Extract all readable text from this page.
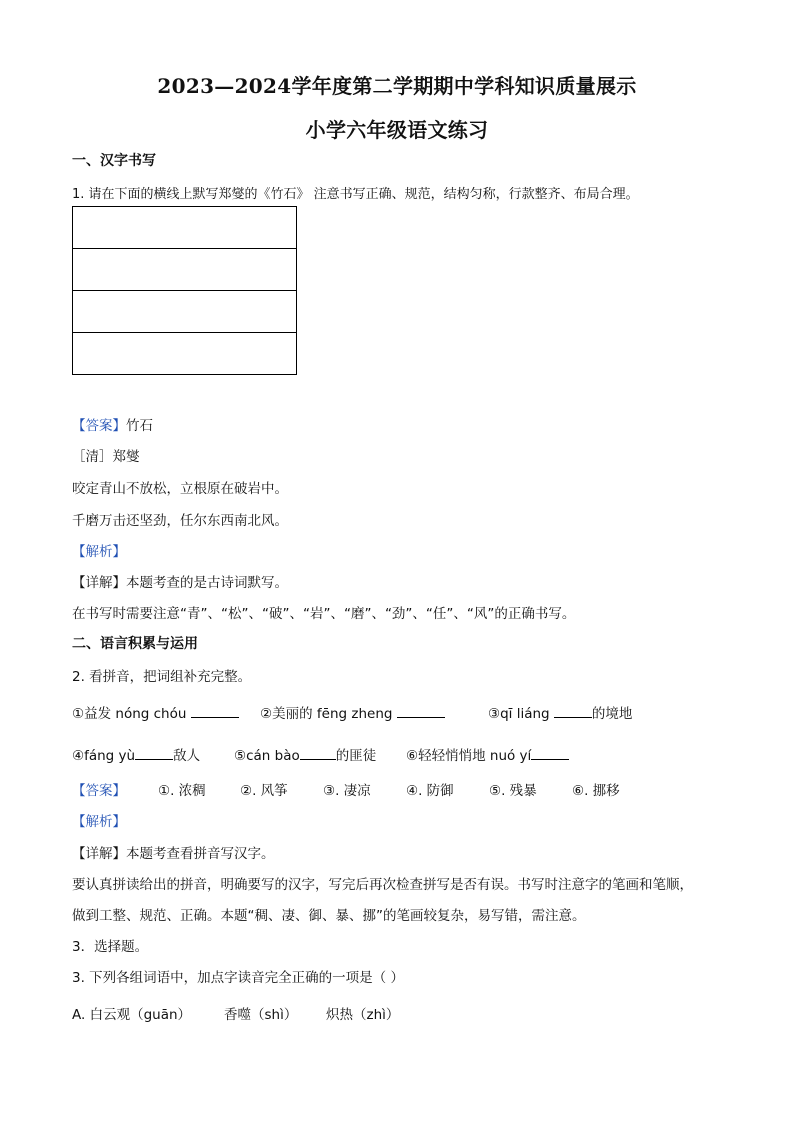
2023—2024学年度第二学期期中学科知识质量展示
小学六年级语文练习
一、汉字书写
1. 请在下面的横线上默写郑燮的《竹石》 注意书写正确、规范，结构匀称，行款整齐、布局合理。
【答案】竹石
［清］郑燮
咬定青山不放松，立根原在破岩中。
千磨万击还坚劲，任尔东西南北风。
【解析】
【详解】本题考查的是古诗词默写。
在书写时需要注意“青”、“松”、“破”、“岩”、“磨”、“劲”、“任”、“风”的正确书写。
二、语言积累与运用
2. 看拼音，把词组补充完整。
①益发 nóng chóu	②美丽的 fēng zheng	③qī liáng	的境地
④fáng yù	敌人	⑤cán bào	的匪徒 ⑥轻轻悄悄地 nuó yí
【答案】 ①. 浓稠	②. 风筝	③. 凄凉	④. 防御	⑤. 残暴	⑥. 挪移
【解析】
【详解】本题考查看拼音写汉字。
要认真拼读给出的拼音，明确要写的汉字，写完后再次检查拼写是否有误。书写时注意字的笔画和笔顺，
做到工整、规范、正确。本题“稠、凄、御、暴、挪”的笔画较复杂，易写错，需注意。
3．选择题。
3. 下列各组词语中，加点字读音完全正确的一项是（ ）
A. 白云观（guān） 香噬（shì） 炽热（zhì）
